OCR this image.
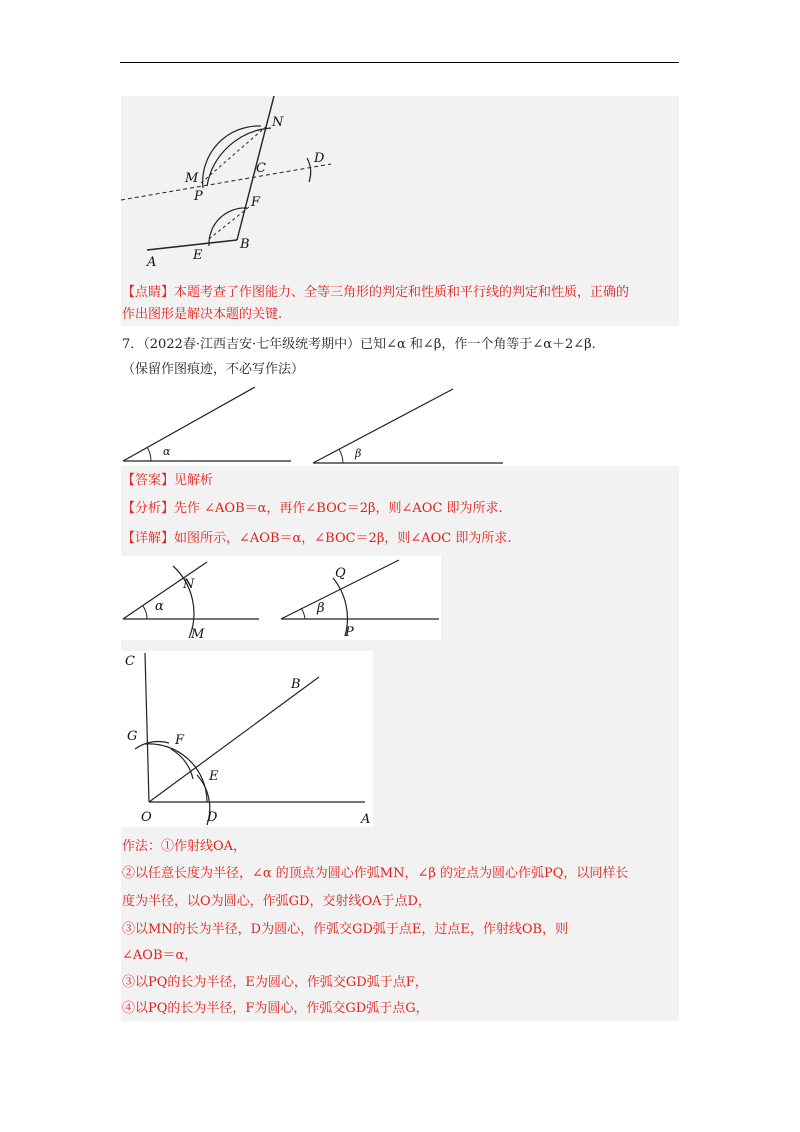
N
C
D
M
P	F
B
A	E
【点睛】本题考查了作图能力、全等三角形的判定和性质和平行线的判定和性质，正确的
作出图形是解决本题的关键.
7．（2022春·江西吉安·七年级统考期中）已知∠α 和∠β，作一个角等于∠α＋2∠β．
（保留作图痕迹，不必写作法）
α	β
【答案】见解析
【分析】先作 ∠AOB＝α，再作∠BOC＝2β，则∠AOC 即为所求.
【详解】如图所示，∠AOB＝α，∠BOC＝2β，则∠AOC 即为所求.
N
α
M
Q
β
P
C
B
G	F
E
O	D	A
作法：①作射线OA，
②以任意长度为半径，∠α 的顶点为圆心作弧MN，∠β 的定点为圆心作弧PQ，以同样长
度为半径，以O为圆心，作弧GD，交射线OA于点D，
③以MN的长为半径，D为圆心，作弧交GD弧于点E，过点E，作射线OB，则
∠AOB＝α，
③以PQ的长为半径，E为圆心，作弧交GD弧于点F，
④以PQ的长为半径，F为圆心，作弧交GD弧于点G，
